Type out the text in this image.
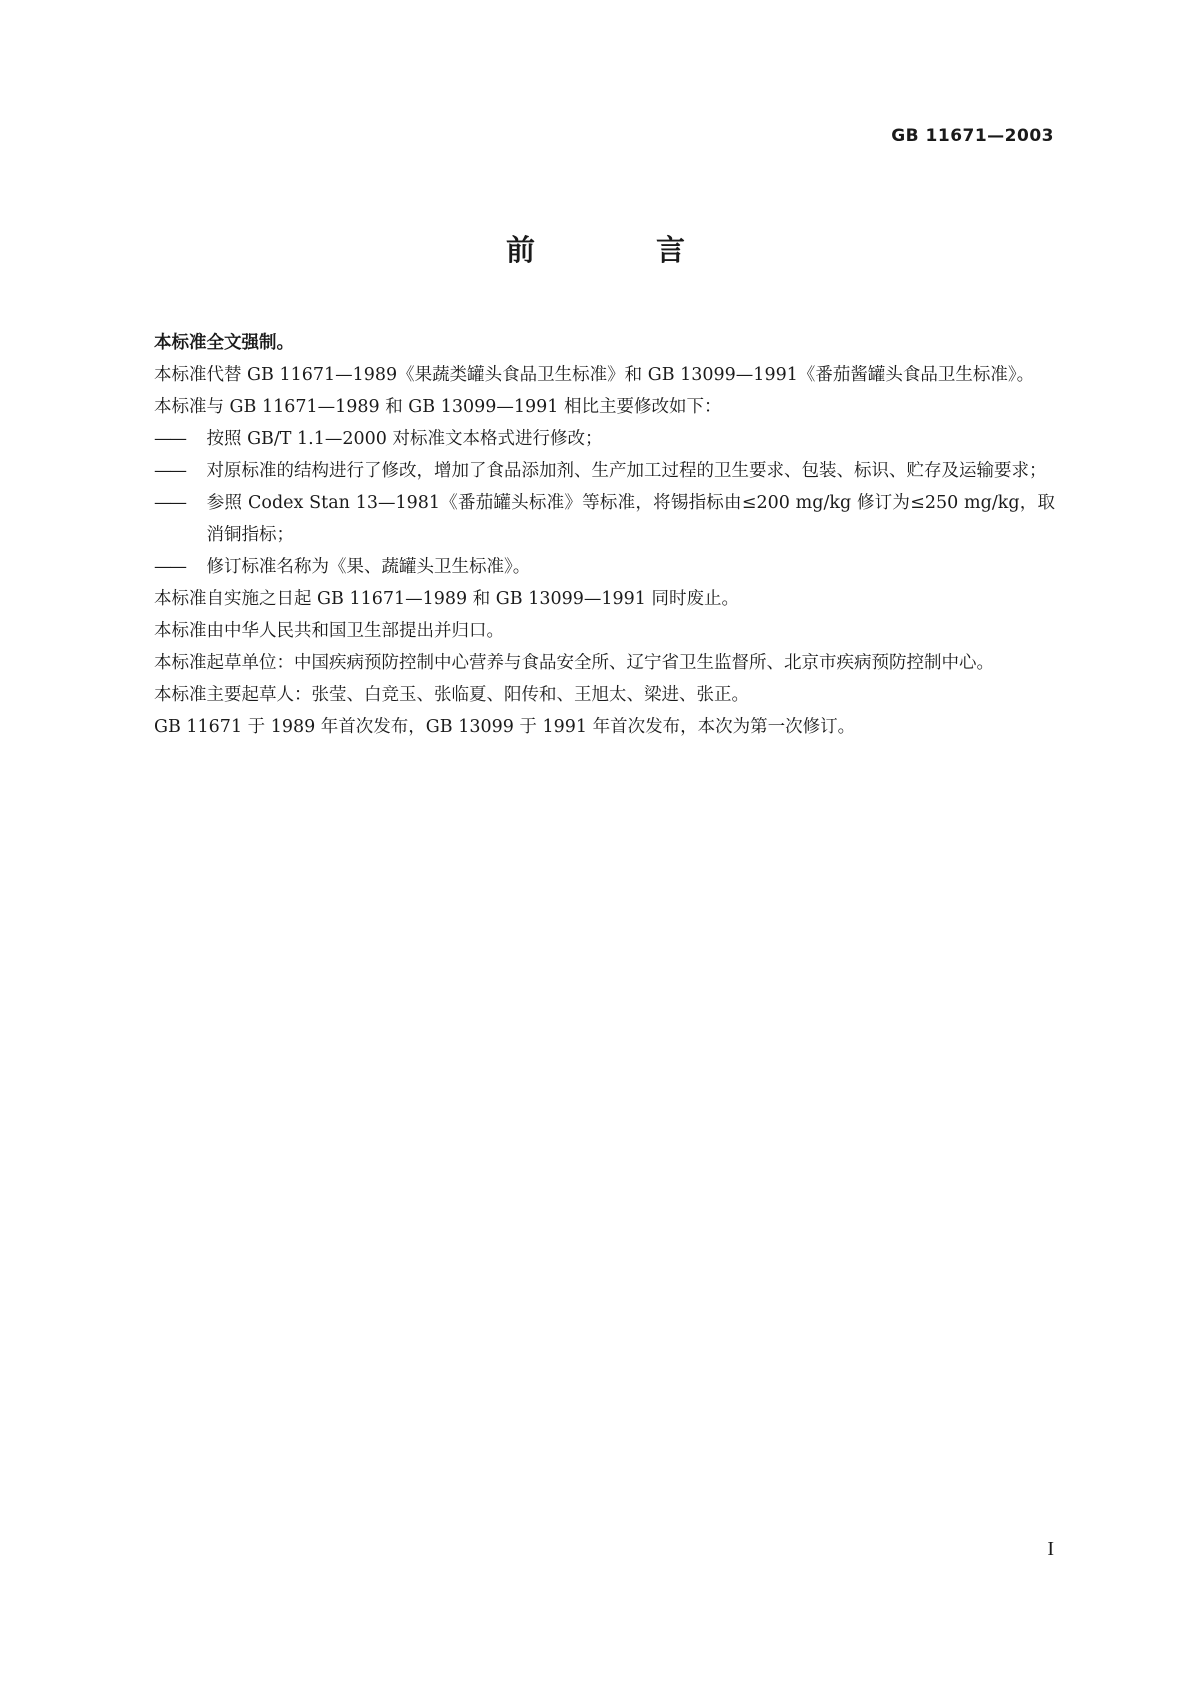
GB 11671—2003
前　言

本标准全文强制。

本标准代替 GB 11671—1989《果蔬类罐头食品卫生标准》和 GB 13099—1991《番茄酱罐头食品卫生标准》。

本标准与 GB 11671—1989 和 GB 13099—1991 相比主要修改如下：

—— 按照 GB/T 1.1—2000 对标准文本格式进行修改；

—— 对原标准的结构进行了修改，增加了食品添加剂、生产加工过程的卫生要求、包装、标识、贮存及运输要求；

—— 参照 Codex Stan 13—1981《番茄罐头标准》等标准，将锡指标由≤200 mg/kg 修订为≤250 mg/kg，取消铜指标；

—— 修订标准名称为《果、蔬罐头卫生标准》。

本标准自实施之日起 GB 11671—1989 和 GB 13099—1991 同时废止。

本标准由中华人民共和国卫生部提出并归口。

本标准起草单位：中国疾病预防控制中心营养与食品安全所、辽宁省卫生监督所、北京市疾病预防控制中心。

本标准主要起草人：张莹、白竞玉、张临夏、阳传和、王旭太、梁进、张正。

GB 11671 于 1989 年首次发布，GB 13099 于 1991 年首次发布，本次为第一次修订。

I
